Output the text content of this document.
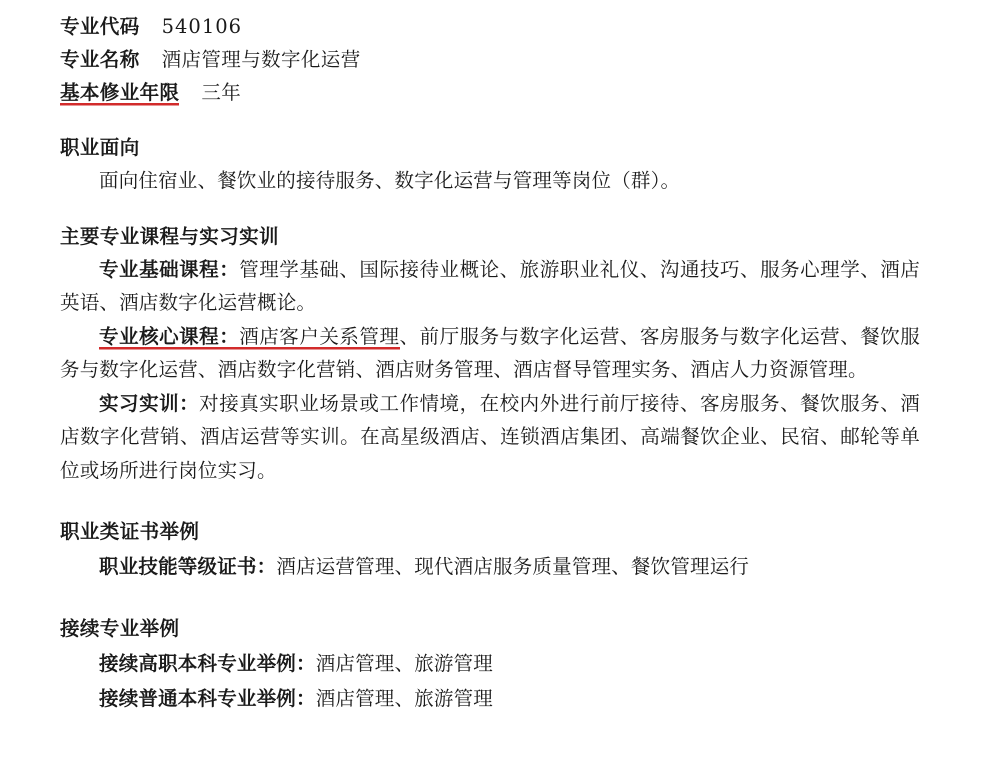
专业代码 540106
专业名称 酒店管理与数字化运营
基本修业年限 三年
职业面向

面向住宿业、餐饮业的接待服务、数字化运营与管理等岗位（群）。

主要专业课程与实习实训

专业基础课程：管理学基础、国际接待业概论、旅游职业礼仪、沟通技巧、服务心理学、酒店英语、酒店数字化运营概论。

专业核心课程：酒店客户关系管理、前厅服务与数字化运营、客房服务与数字化运营、餐饮服务与数字化运营、酒店数字化营销、酒店财务管理、酒店督导管理实务、酒店人力资源管理。

实习实训：对接真实职业场景或工作情境，在校内外进行前厅接待、客房服务、餐饮服务、酒店数字化营销、酒店运营等实训。在高星级酒店、连锁酒店集团、高端餐饮企业、民宿、邮轮等单位或场所进行岗位实习。

职业类证书举例

职业技能等级证书：酒店运营管理、现代酒店服务质量管理、餐饮管理运行

接续专业举例

接续高职本科专业举例：酒店管理、旅游管理

接续普通本科专业举例：酒店管理、旅游管理
